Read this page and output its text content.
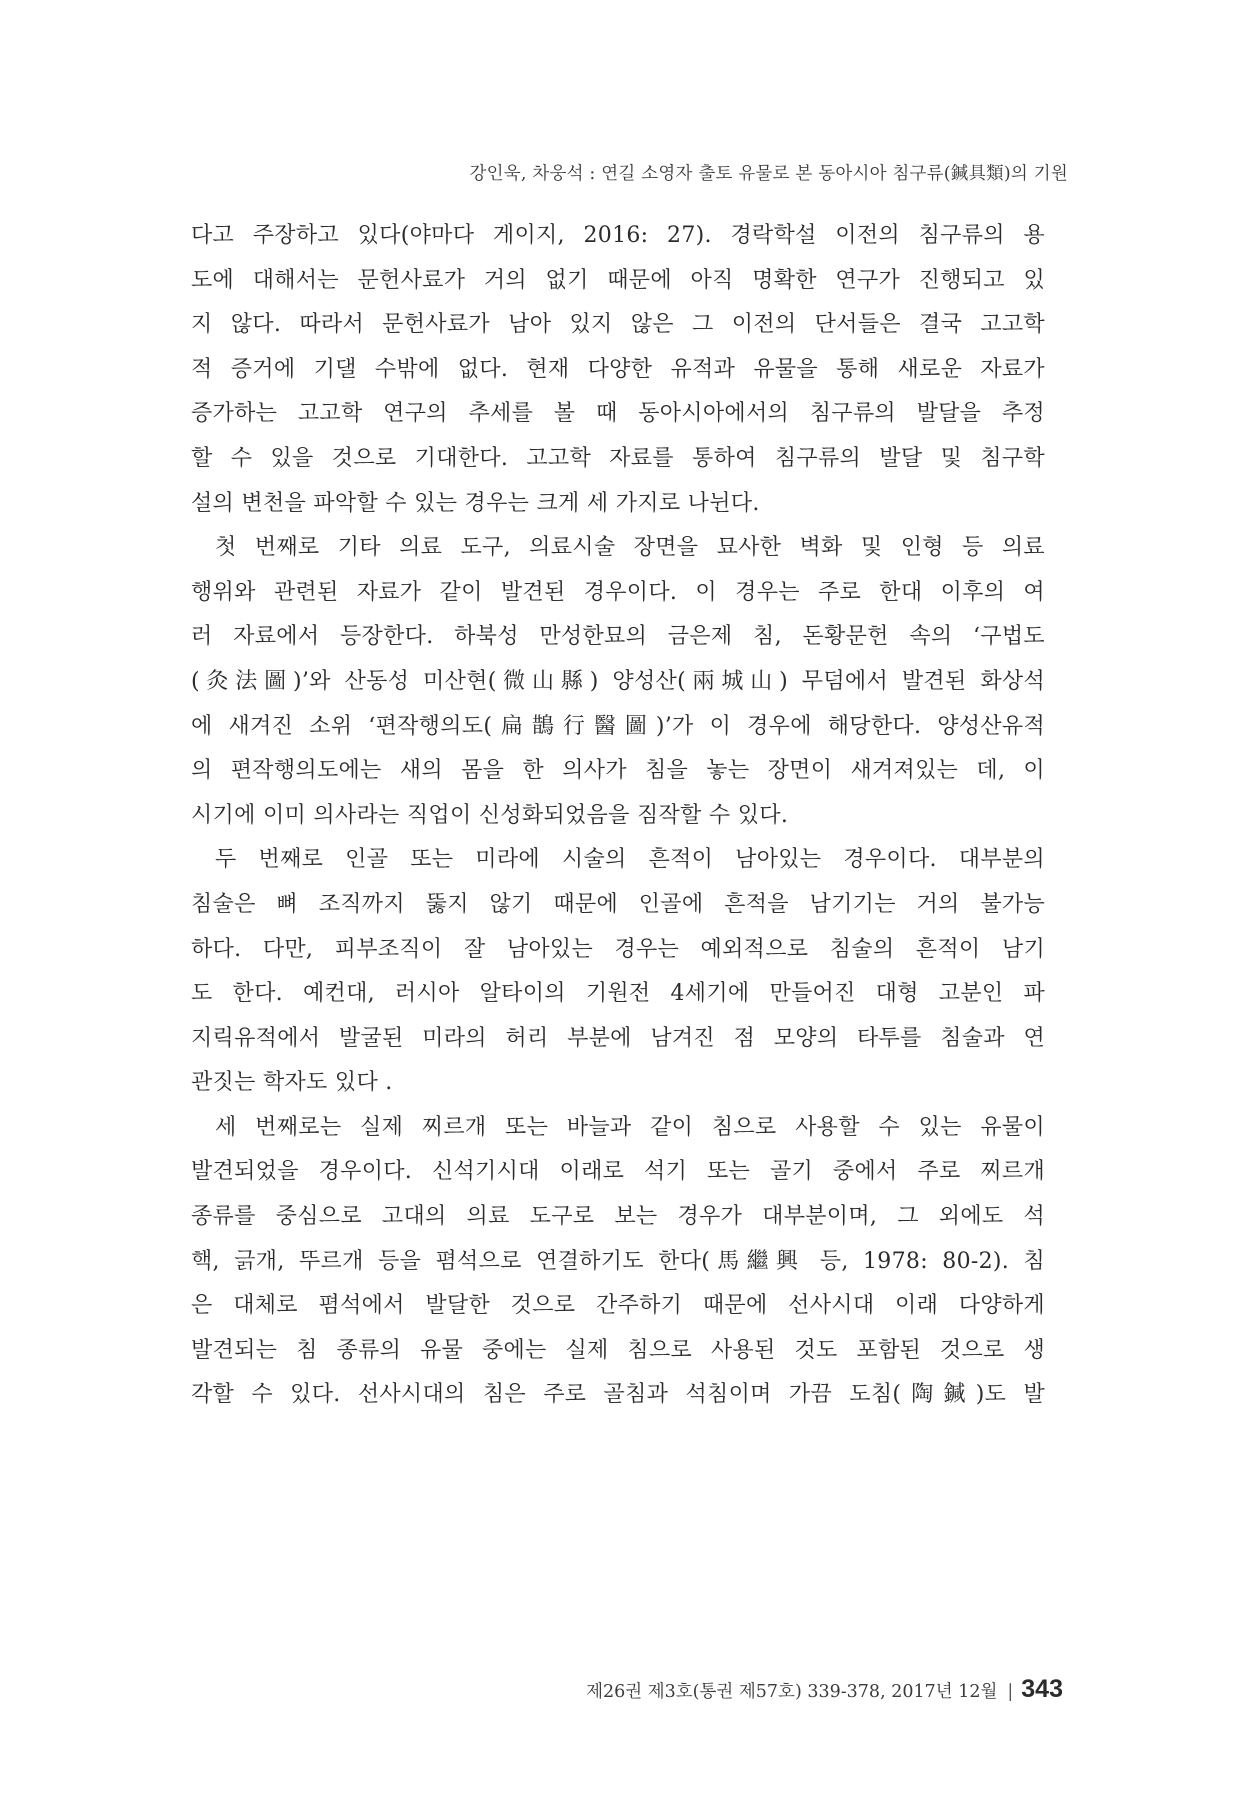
강인욱, 차웅석 : 연길 소영자 출토 유물로 본 동아시아 침구류(鍼具類)의 기원
다고 주장하고 있다(야마다 게이지, 2016: 27). 경락학설 이전의 침구류의 용
도에 대해서는 문헌사료가 거의 없기 때문에 아직 명확한 연구가 진행되고 있
지 않다. 따라서 문헌사료가 남아 있지 않은 그 이전의 단서들은 결국 고고학
적 증거에 기댈 수밖에 없다. 현재 다양한 유적과 유물을 통해 새로운 자료가
증가하는 고고학 연구의 추세를 볼 때 동아시아에서의 침구류의 발달을 추정
할 수 있을 것으로 기대한다. 고고학 자료를 통하여 침구류의 발달 및 침구학
설의 변천을 파악할 수 있는 경우는 크게 세 가지로 나뉜다.
첫 번째로 기타 의료 도구, 의료시술 장면을 묘사한 벽화 및 인형 등 의료
행위와 관련된 자료가 같이 발견된 경우이다. 이 경우는 주로 한대 이후의 여
러 자료에서 등장한다. 하북성 만성한묘의 금은제 침, 돈황문헌 속의 ‘구법도
(灸法圖)’와 산동성 미산현(微山縣) 양성산(兩城山) 무덤에서 발견된 화상석
에 새겨진 소위 ‘편작행의도(扁鵲行醫圖)’가 이 경우에 해당한다. 양성산유적
의 편작행의도에는 새의 몸을 한 의사가 침을 놓는 장면이 새겨져있는 데, 이
시기에 이미 의사라는 직업이 신성화되었음을 짐작할 수 있다.
두 번째로 인골 또는 미라에 시술의 흔적이 남아있는 경우이다. 대부분의
침술은 뼈 조직까지 뚫지 않기 때문에 인골에 흔적을 남기기는 거의 불가능
하다. 다만, 피부조직이 잘 남아있는 경우는 예외적으로 침술의 흔적이 남기
도 한다. 예컨대, 러시아 알타이의 기원전 4세기에 만들어진 대형 고분인 파
지릭유적에서 발굴된 미라의 허리 부분에 남겨진 점 모양의 타투를 침술과 연
관짓는 학자도 있다 .
세 번째로는 실제 찌르개 또는 바늘과 같이 침으로 사용할 수 있는 유물이
발견되었을 경우이다. 신석기시대 이래로 석기 또는 골기 중에서 주로 찌르개
종류를 중심으로 고대의 의료 도구로 보는 경우가 대부분이며, 그 외에도 석
핵, 긁개, 뚜르개 등을 폄석으로 연결하기도 한다(馬繼興 등, 1978: 80-2). 침
은 대체로 폄석에서 발달한 것으로 간주하기 때문에 선사시대 이래 다양하게
발견되는 침 종류의 유물 중에는 실제 침으로 사용된 것도 포함된 것으로 생
각할 수 있다. 선사시대의 침은 주로 골침과 석침이며 가끔 도침(陶鍼)도 발
제26권 제3호(통권 제57호) 339-378, 2017년 12월 | 343
